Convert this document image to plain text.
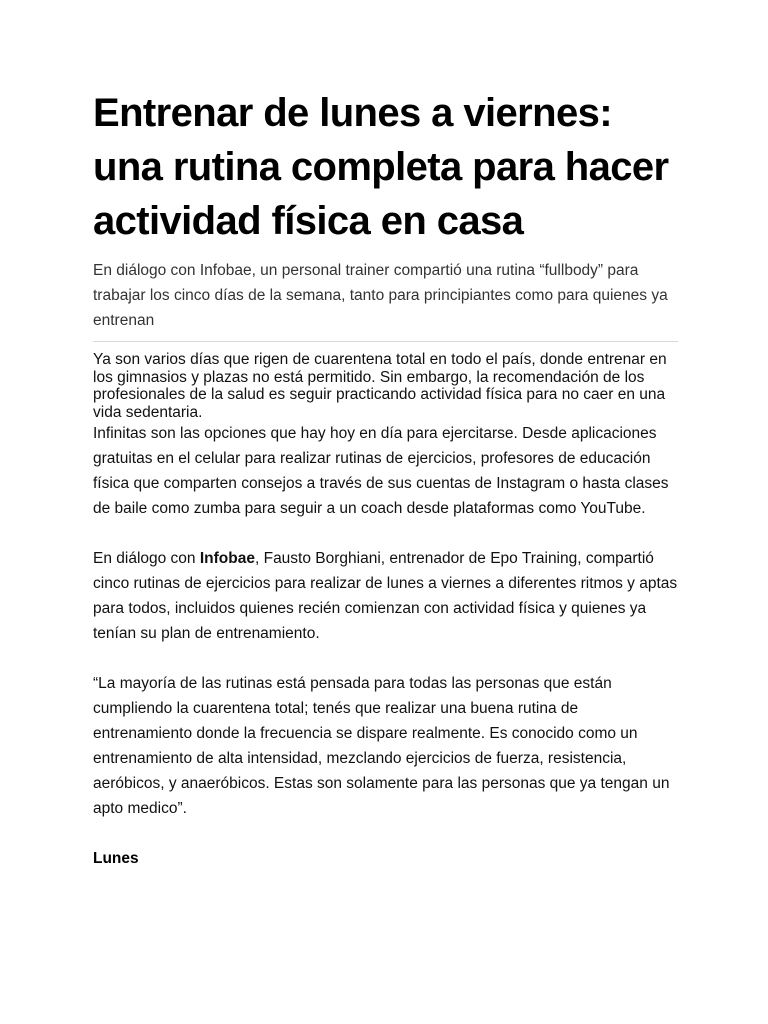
Entrenar de lunes a viernes: una rutina completa para hacer actividad física en casa

En diálogo con Infobae, un personal trainer compartió una rutina “fullbody” para trabajar los cinco días de la semana, tanto para principiantes como para quienes ya entrenan

Ya son varios días que rigen de cuarentena total en todo el país, donde entrenar en los gimnasios y plazas no está permitido. Sin embargo, la recomendación de los profesionales de la salud es seguir practicando actividad física para no caer en una vida sedentaria.

Infinitas son las opciones que hay hoy en día para ejercitarse. Desde aplicaciones gratuitas en el celular para realizar rutinas de ejercicios, profesores de educación física que comparten consejos a través de sus cuentas de Instagram o hasta clases de baile como zumba para seguir a un coach desde plataformas como YouTube.

En diálogo con Infobae, Fausto Borghiani, entrenador de Epo Training, compartió cinco rutinas de ejercicios para realizar de lunes a viernes a diferentes ritmos y aptas para todos, incluidos quienes recién comienzan con actividad física y quienes ya tenían su plan de entrenamiento.

“La mayoría de las rutinas está pensada para todas las personas que están cumpliendo la cuarentena total; tenés que realizar una buena rutina de entrenamiento donde la frecuencia se dispare realmente. Es conocido como un entrenamiento de alta intensidad, mezclando ejercicios de fuerza, resistencia, aeróbicos, y anaeróbicos. Estas son solamente para las personas que ya tengan un apto medico”.

Lunes
